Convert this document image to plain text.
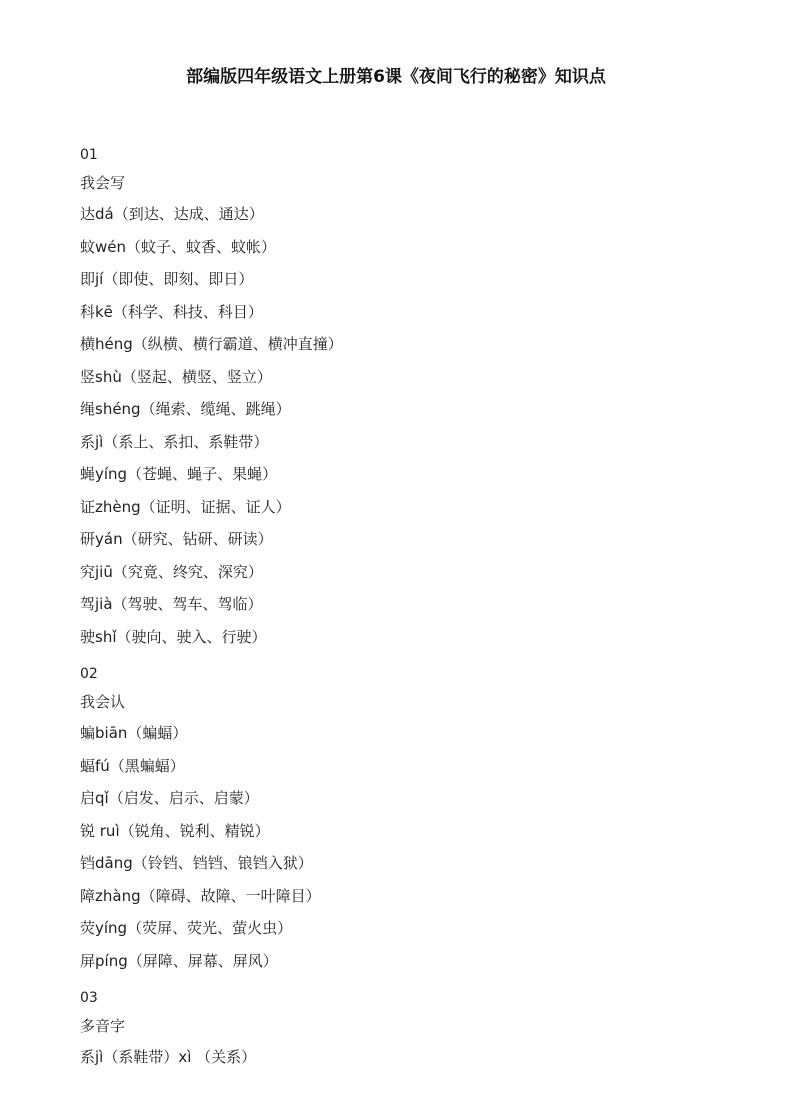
部编版四年级语文上册第6课《夜间飞行的秘密》知识点

01

我会写

达dá（到达、达成、通达）

蚊wén（蚊子、蚊香、蚊帐）

即jí（即使、即刻、即日）

科kē（科学、科技、科目）

横héng（纵横、横行霸道、横冲直撞）

竖shù（竖起、横竖、竖立）

绳shéng（绳索、缆绳、跳绳）

系jì（系上、系扣、系鞋带）

蝇yíng（苍蝇、蝇子、果蝇）

证zhèng（证明、证据、证人）

研yán（研究、钻研、研读）

究jiū（究竟、终究、深究）

驾jià（驾驶、驾车、驾临）

驶shǐ（驶向、驶入、行驶）

02

我会认

蝙biān（蝙蝠）

蝠fú（黑蝙蝠）

启qǐ（启发、启示、启蒙）

锐 ruì（锐角、锐利、精锐）

铛dāng（铃铛、铛铛、锒铛入狱）

障zhàng（障碍、故障、一叶障目）

荧yíng（荧屏、荧光、萤火虫）

屏píng（屏障、屏幕、屏风）

03

多音字

系jì（系鞋带）xì （关系）
